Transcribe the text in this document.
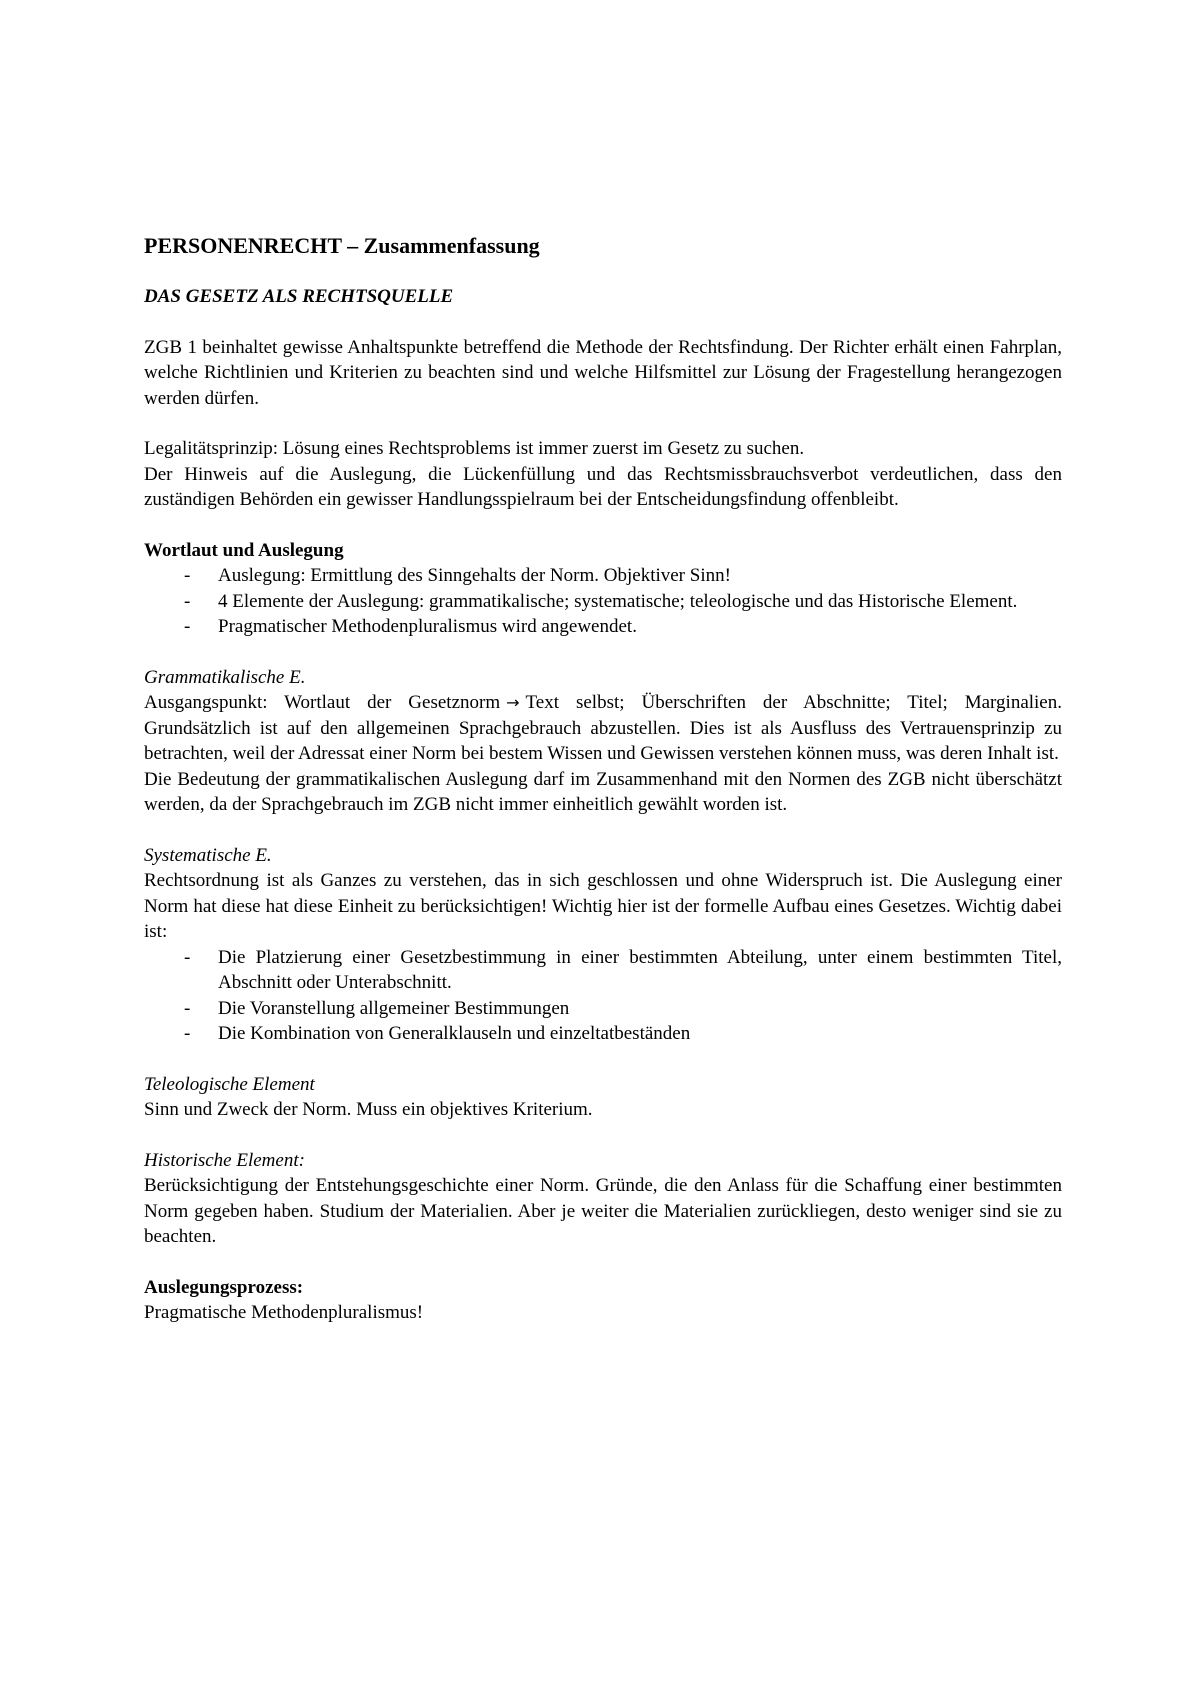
PERSONENRECHT – Zusammenfassung
DAS GESETZ ALS RECHTSQUELLE

ZGB 1 beinhaltet gewisse Anhaltspunkte betreffend die Methode der Rechtsfindung. Der Richter erhält einen Fahrplan, welche Richtlinien und Kriterien zu beachten sind und welche Hilfsmittel zur Lösung der Fragestellung herangezogen werden dürfen.

Legalitätsprinzip: Lösung eines Rechtsproblems ist immer zuerst im Gesetz zu suchen.

Der Hinweis auf die Auslegung, die Lückenfüllung und das Rechtsmissbrauchsverbot verdeutlichen, dass den zuständigen Behörden ein gewisser Handlungsspielraum bei der Entscheidungsfindung offenbleibt.

Wortlaut und Auslegung

- Auslegung: Ermittlung des Sinngehalts der Norm. Objektiver Sinn!
- 4 Elemente der Auslegung: grammatikalische; systematische; teleologische und das Historische Element.
- Pragmatischer Methodenpluralismus wird angewendet.

Grammatikalische E.

Ausgangspunkt: Wortlaut der Gesetznorm → Text selbst; Überschriften der Abschnitte; Titel; Marginalien. Grundsätzlich ist auf den allgemeinen Sprachgebrauch abzustellen. Dies ist als Ausfluss des Vertrauensprinzip zu betrachten, weil der Adressat einer Norm bei bestem Wissen und Gewissen verstehen können muss, was deren Inhalt ist.

Die Bedeutung der grammatikalischen Auslegung darf im Zusammenhand mit den Normen des ZGB nicht überschätzt werden, da der Sprachgebrauch im ZGB nicht immer einheitlich gewählt worden ist.

Systematische E.

Rechtsordnung ist als Ganzes zu verstehen, das in sich geschlossen und ohne Widerspruch ist. Die Auslegung einer Norm hat diese hat diese Einheit zu berücksichtigen! Wichtig hier ist der formelle Aufbau eines Gesetzes. Wichtig dabei ist:

- Die Platzierung einer Gesetzbestimmung in einer bestimmten Abteilung, unter einem bestimmten Titel, Abschnitt oder Unterabschnitt.
- Die Voranstellung allgemeiner Bestimmungen
- Die Kombination von Generalklauseln und einzeltatbeständen

Teleologische Element

Sinn und Zweck der Norm. Muss ein objektives Kriterium.

Historische Element:

Berücksichtigung der Entstehungsgeschichte einer Norm. Gründe, die den Anlass für die Schaffung einer bestimmten Norm gegeben haben. Studium der Materialien. Aber je weiter die Materialien zurückliegen, desto weniger sind sie zu beachten.

Auslegungsprozess:

Pragmatische Methodenpluralismus!
